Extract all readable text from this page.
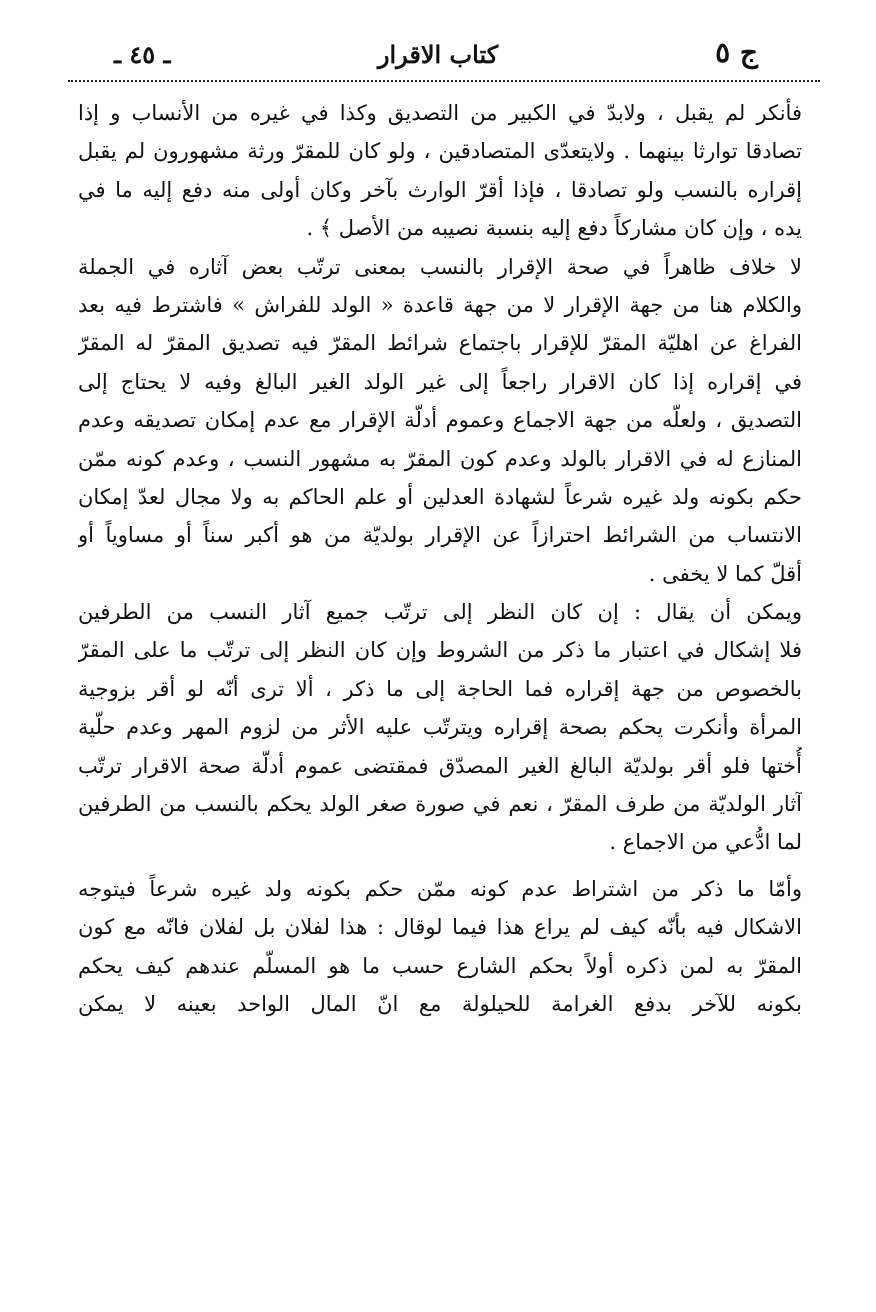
ج ٥
كتاب الاقرار
ـ ٤٥ ـ
فأنكر لم يقبل ، ولابدّ في الكبير من التصديق وكذا في غيره من الأنساب و إذا
تصادقا توارثا بينهما . ولايتعدّى المتصادقين ، ولو كان للمقرّ ورثة مشهورون لم يقبل
إقراره بالنسب ولو تصادقا ، فإذا أقرّ الوارث بآخر وكان أولى منه دفع إليه ما في
يده ، وإن كان مشاركاً دفع إليه بنسبة نصيبه من الأصل ﴾ .
لا خلاف ظاهراً في صحة الإقرار بالنسب بمعنى ترتّب بعض آثاره في الجملة
والكلام هنا من جهة الإقرار لا من جهة قاعدة « الولد للفراش » فاشترط فيه بعد
الفراغ عن اهليّة المقرّ للإقرار باجتماع شرائط المقرّ فيه تصديق المقرّ له المقرّ
في إقراره إذا كان الاقرار راجعاً إلى غير الولد الغير البالغ وفيه لا يحتاج إلى
التصديق ، ولعلّه من جهة الاجماع وعموم أدلّة الإقرار مع عدم إمكان تصديقه وعدم
المنازع له في الاقرار بالولد وعدم كون المقرّ به مشهور النسب ، وعدم كونه ممّن
حكم بكونه ولد غيره شرعاً لشهادة العدلين أو علم الحاكم به ولا مجال لعدّ إمكان
الانتساب من الشرائط احترازاً عن الإقرار بولديّة من هو أكبر سناً أو مساوياً أو
أقلّ كما لا يخفى .
ويمكن أن يقال : إن كان النظر إلى ترتّب جميع آثار النسب من الطرفين
فلا إشكال في اعتبار ما ذكر من الشروط وإن كان النظر إلى ترتّب ما على المقرّ
بالخصوص من جهة إقراره فما الحاجة إلى ما ذكر ، ألا ترى أنّه لو أقر بزوجية
المرأة وأنكرت يحكم بصحة إقراره ويترتّب عليه الأثر من لزوم المهر وعدم حلّية
أُختها فلو أقر بولديّة البالغ الغير المصدّق فمقتضى عموم أدلّة صحة الاقرار ترتّب
آثار الولديّة من طرف المقرّ ، نعم في صورة صغر الولد يحكم بالنسب من الطرفين
لما ادُّعي من الاجماع .
وأمّا ما ذكر من اشتراط عدم كونه ممّن حكم بكونه ولد غيره شرعاً فيتوجه
الاشكال فيه بأنّه كيف لم يراع هذا فيما لوقال : هذا لفلان بل لفلان فانّه مع كون
المقرّ به لمن ذكره أولاً بحكم الشارع حسب ما هو المسلّم عندهم كيف يحكم
بكونه للآخر بدفع الغرامة للحيلولة مع انّ المال الواحد بعينه لا يمكن
